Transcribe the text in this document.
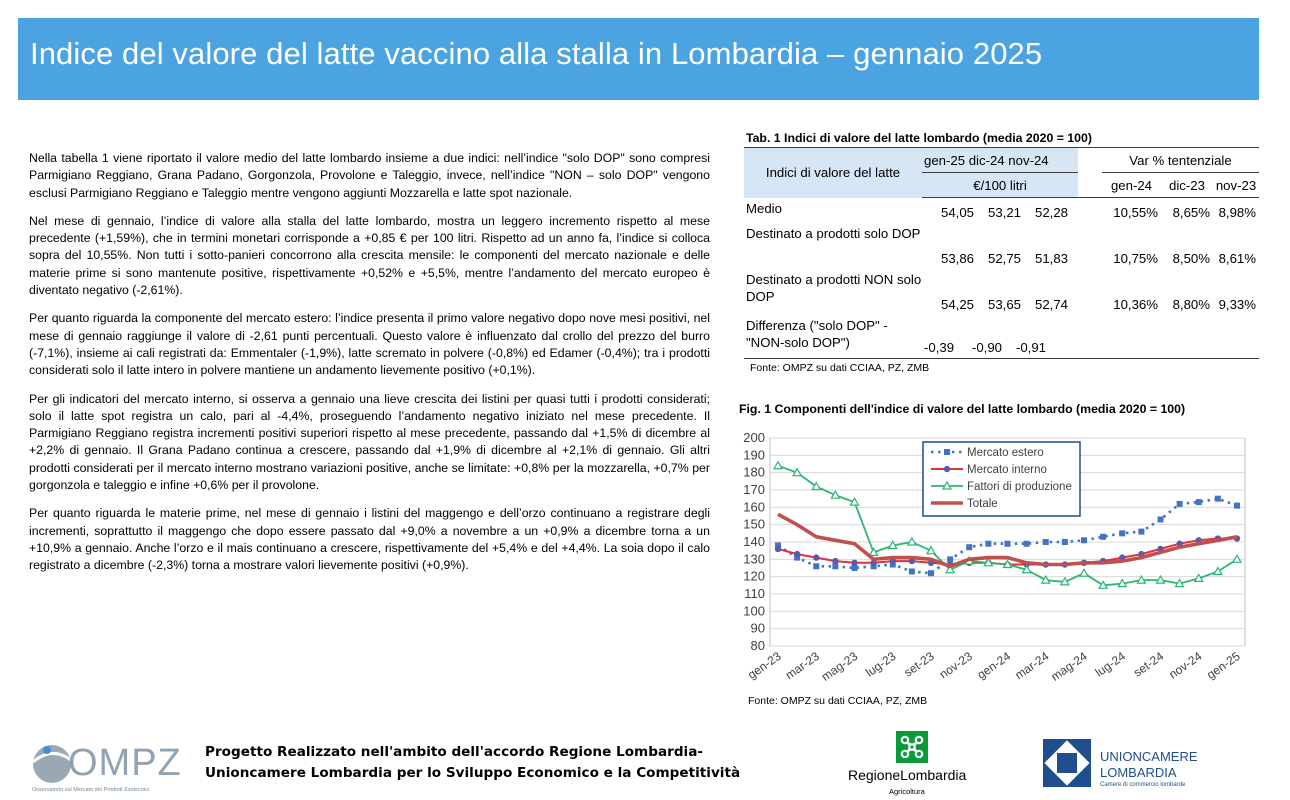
Indice del valore del latte vaccino alla stalla in Lombardia – gennaio 2025

Nella tabella 1 viene riportato il valore medio del latte lombardo insieme a due indici: nell’indice "solo DOP" sono compresi Parmigiano Reggiano, Grana Padano, Gorgonzola, Provolone e Taleggio, invece, nell’indice "NON – solo DOP" vengono esclusi Parmigiano Reggiano e Taleggio mentre vengono aggiunti Mozzarella e latte spot nazionale.

Nel mese di gennaio, l’indice di valore alla stalla del latte lombardo, mostra un leggero incremento rispetto al mese precedente (+1,59%), che in termini monetari corrisponde a +0,85 € per 100 litri. Rispetto ad un anno fa, l’indice si colloca sopra del 10,55%. Non tutti i sotto-panieri concorrono alla crescita mensile: le componenti del mercato nazionale e delle materie prime si sono mantenute positive, rispettivamente +0,52% e +5,5%, mentre l’andamento del mercato europeo è diventato negativo (-2,61%).

Per quanto riguarda la componente del mercato estero: l’indice presenta il primo valore negativo dopo nove mesi positivi, nel mese di gennaio raggiunge il valore di -2,61 punti percentuali. Questo valore è influenzato dal crollo del prezzo del burro (-7,1%), insieme ai cali registrati da: Emmentaler (-1,9%), latte scremato in polvere (-0,8%) ed Edamer (-0,4%); tra i prodotti considerati solo il latte intero in polvere mantiene un andamento lievemente positivo (+0,1%).

Per gli indicatori del mercato interno, si osserva a gennaio una lieve crescita dei listini per quasi tutti i prodotti considerati; solo il latte spot registra un calo, pari al -4,4%, proseguendo l’andamento negativo iniziato nel mese precedente. Il Parmigiano Reggiano registra incrementi positivi superiori rispetto al mese precedente, passando dal +1,5% di dicembre al +2,2% di gennaio. Il Grana Padano continua a crescere, passando dal +1,9% di dicembre al +2,1% di gennaio. Gli altri prodotti considerati per il mercato interno mostrano variazioni positive, anche se limitate: +0,8% per la mozzarella, +0,7% per gorgonzola e taleggio e infine +0,6% per il provolone.

Per quanto riguarda le materie prime, nel mese di gennaio i listini del maggengo e dell’orzo continuano a registrare degli incrementi, soprattutto il maggengo che dopo essere passato dal +9,0% a novembre a un +0,9% a dicembre torna a un +10,9% a gennaio. Anche l’orzo e il mais continuano a crescere, rispettivamente del +5,4% e del +4,4%. La soia dopo il calo registrato a dicembre (-2,3%) torna a mostrare valori lievemente positivi (+0,9%).

Tab. 1 Indici di valore del latte lombardo (media 2020 = 100)
Indici di valore del latte	gen-25 dic-24 nov-24		Var % tentenziale		
	€/100 litri		gen-24	dic-23	nov-23
Medio	54,05 53,21 52,28		10,55%	8,65%	8,98%
Destinato a prodotti solo DOP	53,86 52,75 51,83		10,75%	8,50%	8,61%
Destinato a prodotti NON solo DOP	54,25 53,65 52,74		10,36%	8,80%	9,33%
Differenza ("solo DOP" - "NON-solo DOP")	-0,39 -0,90 -0,91				
Fonte: OMPZ su dati CCIAA, PZ, ZMB
Fig. 1 Componenti dell'indice di valore del latte lombardo (media 2020 = 100)
80
90
100
110
120
130
140
150
160
170
180
190
200
gen-23 mar-23
mag-23 lug-23 set-23 nov-23 gen-24 mar-24
mag-24 lug-24 set-24 nov-24 gen-25
Mercato estero
Mercato interno
Fattori di produzione
Totale
Fonte: OMPZ su dati CCIAA, PZ, ZMB
OMPZ
Osservatorio sul Mercato dei Prodotti Zootecnici
Progetto Realizzato nell'ambito dell'accordo Regione Lombardia-
Unioncamere Lombardia per lo Sviluppo Economico e la Competitività	RegioneLombardia
Agricoltura
UNIONCAMERE
LOMBARDIA
Camere di commercio lombarde
